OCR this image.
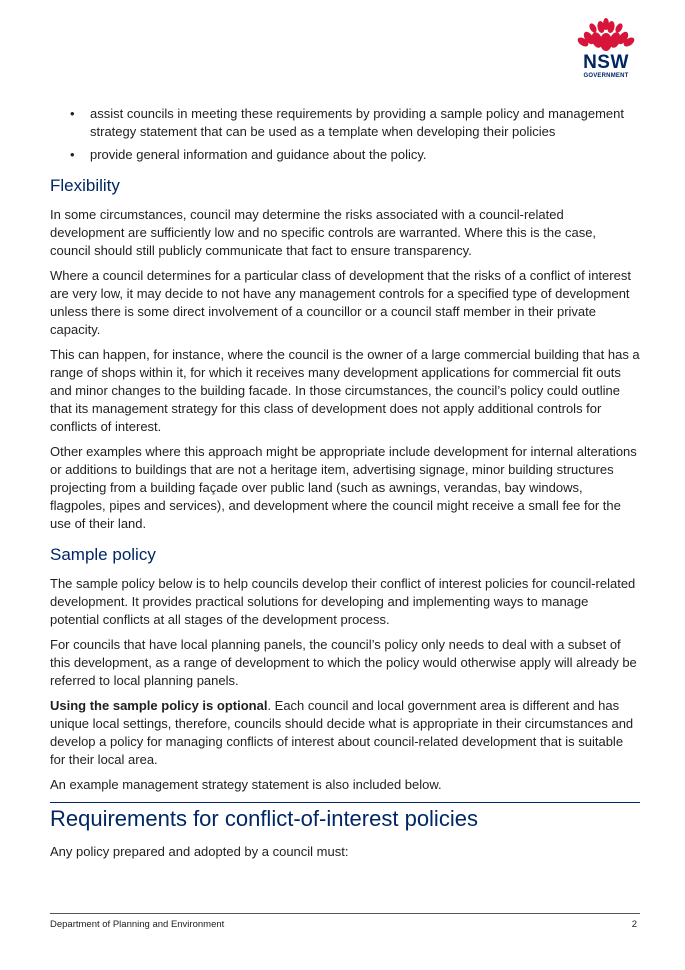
NSW
GOVERNMENT
• assist councils in meeting these requirements by providing a sample policy and management strategy statement that can be used as a template when developing their policies
• provide general information and guidance about the policy.
Flexibility

In some circumstances, council may determine the risks associated with a council-related development are sufficiently low and no specific controls are warranted. Where this is the case, council should still publicly communicate that fact to ensure transparency.

Where a council determines for a particular class of development that the risks of a conflict of interest are very low, it may decide to not have any management controls for a specified type of development unless there is some direct involvement of a councillor or a council staff member in their private capacity.

This can happen, for instance, where the council is the owner of a large commercial building that has a range of shops within it, for which it receives many development applications for commercial fit outs and minor changes to the building facade. In those circumstances, the council’s policy could outline that its management strategy for this class of development does not apply additional controls for conflicts of interest.

Other examples where this approach might be appropriate include development for internal alterations or additions to buildings that are not a heritage item, advertising signage, minor building structures projecting from a building façade over public land (such as awnings, verandas, bay windows, flagpoles, pipes and services), and development where the council might receive a small fee for the use of their land.

Sample policy

The sample policy below is to help councils develop their conflict of interest policies for council-related development. It provides practical solutions for developing and implementing ways to manage potential conflicts at all stages of the development process.

For councils that have local planning panels, the council’s policy only needs to deal with a subset of this development, as a range of development to which the policy would otherwise apply will already be referred to local planning panels.

Using the sample policy is optional. Each council and local government area is different and has unique local settings, therefore, councils should decide what is appropriate in their circumstances and develop a policy for managing conflicts of interest about council-related development that is suitable for their local area.

An example management strategy statement is also included below.

Requirements for conflict-of-interest policies

Any policy prepared and adopted by a council must:

Department of Planning and Environment	2
